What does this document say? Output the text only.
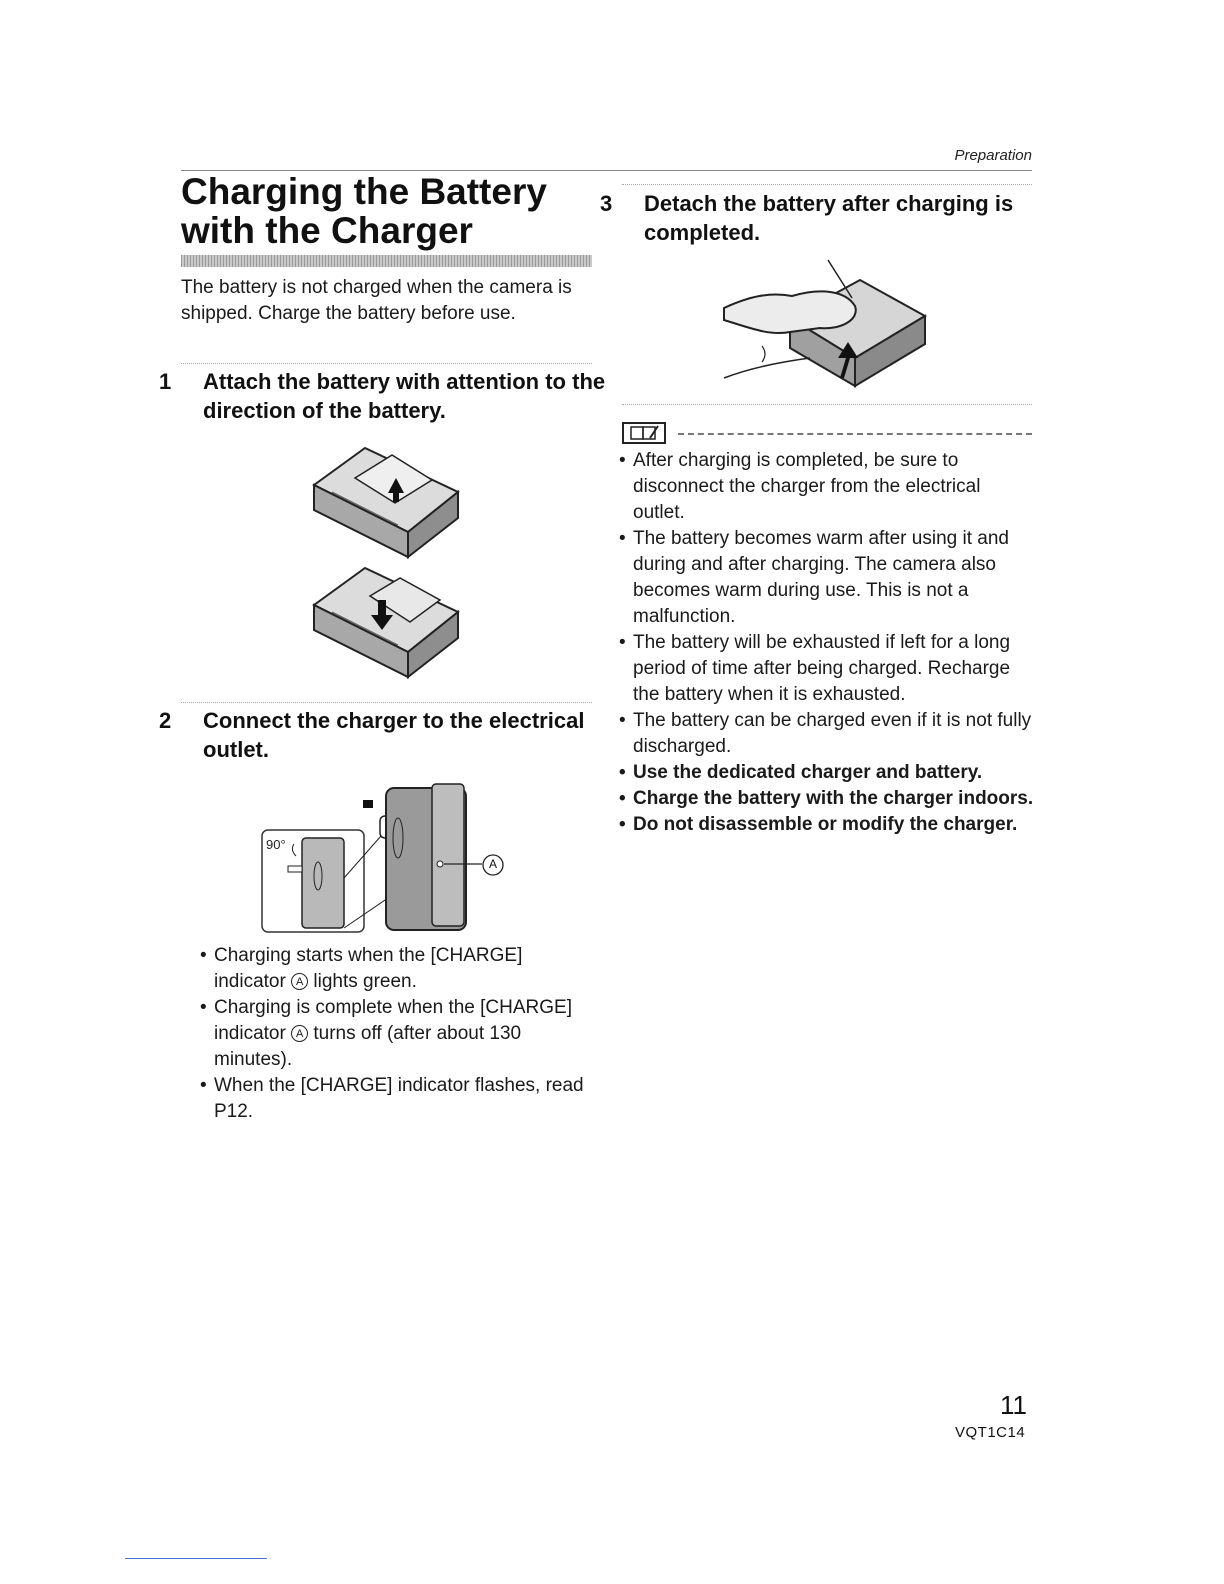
Preparation
Charging the Battery
with the Charger
The battery is not charged when the camera is shipped. Charge the battery before use.
1 Attach the battery with attention to the direction of the battery.
2 Connect the charger to the electrical outlet.
90°
A
• Charging starts when the [CHARGE] indicator A lights green.
• Charging is complete when the [CHARGE] indicator A turns off (after about 130 minutes).
• When the [CHARGE] indicator flashes, read P12.
3 Detach the battery after charging is completed.
• After charging is completed, be sure to disconnect the charger from the electrical outlet.
• The battery becomes warm after using it and during and after charging. The camera also becomes warm during use. This is not a malfunction.
• The battery will be exhausted if left for a long period of time after being charged. Recharge the battery when it is exhausted.
• The battery can be charged even if it is not fully discharged.
• Use the dedicated charger and battery.
• Charge the battery with the charger indoors.
• Do not disassemble or modify the charger.
11
VQT1C14
